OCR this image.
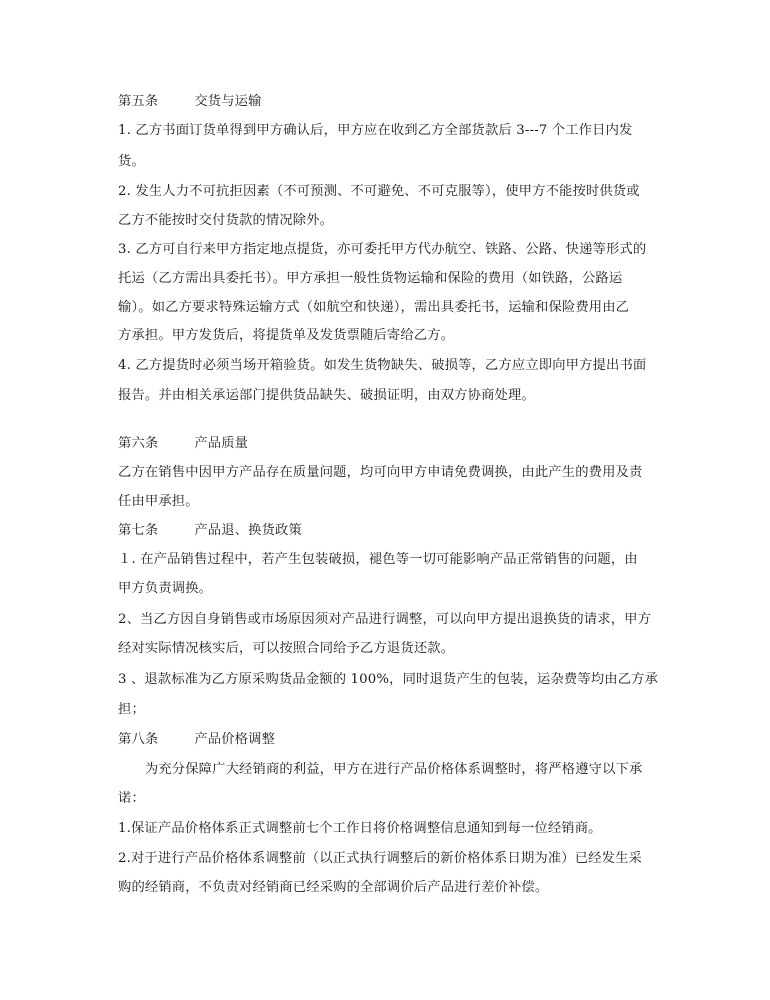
第五条	交货与运输
1. 乙方书面订货单得到甲方确认后，甲方应在收到乙方全部货款后 3---7 个工作日内发
货。
2. 发生人力不可抗拒因素（不可预测、不可避免、不可克服等），使甲方不能按时供货或
乙方不能按时交付货款的情况除外。
3. 乙方可自行来甲方指定地点提货，亦可委托甲方代办航空、铁路、公路、快递等形式的
托运（乙方需出具委托书）。甲方承担一般性货物运输和保险的费用（如铁路，公路运
输）。如乙方要求特殊运输方式（如航空和快递），需出具委托书，运输和保险费用由乙
方承担。甲方发货后，将提货单及发货票随后寄给乙方。
4. 乙方提货时必须当场开箱验货。如发生货物缺失、破损等，乙方应立即向甲方提出书面
报告。并由相关承运部门提供货品缺失、破损证明，由双方协商处理。
第六条	产品质量
乙方在销售中因甲方产品存在质量问题，均可向甲方申请免费调换，由此产生的费用及责
任由甲承担。
第七条	产品退、换货政策
１. 在产品销售过程中，若产生包装破损，褪色等一切可能影响产品正常销售的问题，由
甲方负责调换。
2、当乙方因自身销售或市场原因须对产品进行调整，可以向甲方提出退换货的请求，甲方
经对实际情况核实后，可以按照合同给予乙方退货还款。
3 、退款标准为乙方原采购货品金额的 100%，同时退货产生的包装，运杂费等均由乙方承
担；
第八条	产品价格调整
　　为充分保障广大经销商的利益，甲方在进行产品价格体系调整时，将严格遵守以下承
诺：
1.保证产品价格体系正式调整前七个工作日将价格调整信息通知到每一位经销商。
2.对于进行产品价格体系调整前（以正式执行调整后的新价格体系日期为准）已经发生采
购的经销商，不负责对经销商已经采购的全部调价后产品进行差价补偿。
